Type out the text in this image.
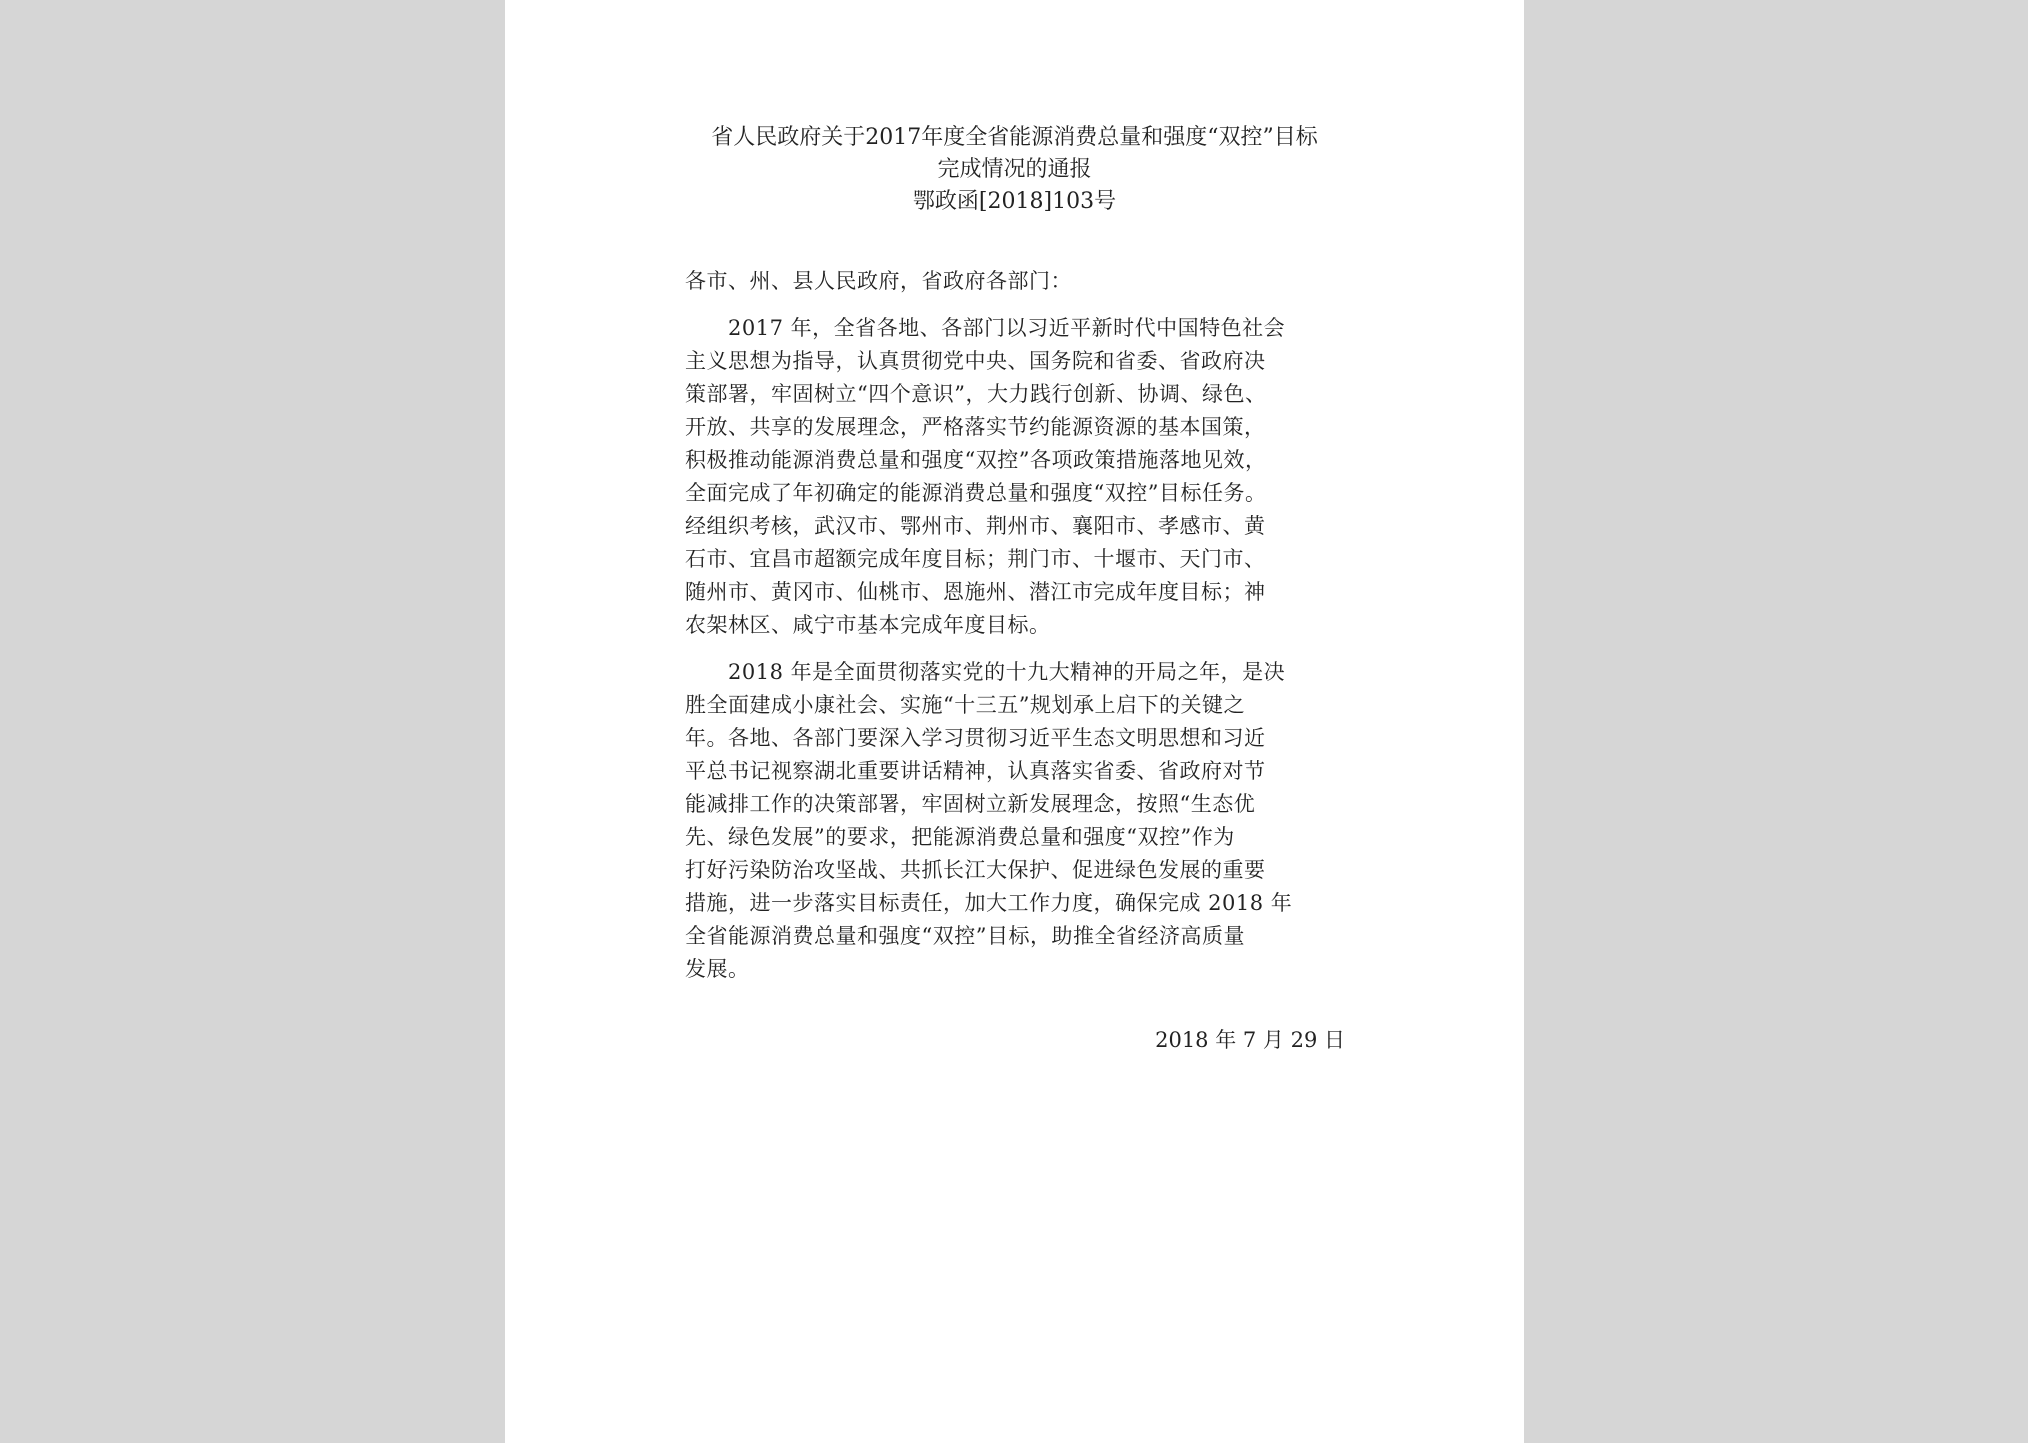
省人民政府关于2017年度全省能源消费总量和强度“双控”目标
完成情况的通报
鄂政函[2018]103号
各市、州、县人民政府，省政府各部门：
　　2017 年，全省各地、各部门以习近平新时代中国特色社会
主义思想为指导，认真贯彻党中央、国务院和省委、省政府决
策部署，牢固树立“四个意识”，大力践行创新、协调、绿色、
开放、共享的发展理念，严格落实节约能源资源的基本国策，
积极推动能源消费总量和强度“双控”各项政策措施落地见效，
全面完成了年初确定的能源消费总量和强度“双控”目标任务。
经组织考核，武汉市、鄂州市、荆州市、襄阳市、孝感市、黄
石市、宜昌市超额完成年度目标；荆门市、十堰市、天门市、
随州市、黄冈市、仙桃市、恩施州、潜江市完成年度目标；神
农架林区、咸宁市基本完成年度目标。
　　2018 年是全面贯彻落实党的十九大精神的开局之年，是决
胜全面建成小康社会、实施“十三五”规划承上启下的关键之
年。各地、各部门要深入学习贯彻习近平生态文明思想和习近
平总书记视察湖北重要讲话精神，认真落实省委、省政府对节
能减排工作的决策部署，牢固树立新发展理念，按照“生态优
先、绿色发展”的要求，把能源消费总量和强度“双控”作为
打好污染防治攻坚战、共抓长江大保护、促进绿色发展的重要
措施，进一步落实目标责任，加大工作力度，确保完成 2018 年
全省能源消费总量和强度“双控”目标，助推全省经济高质量
发展。
2018 年 7 月 29 日
